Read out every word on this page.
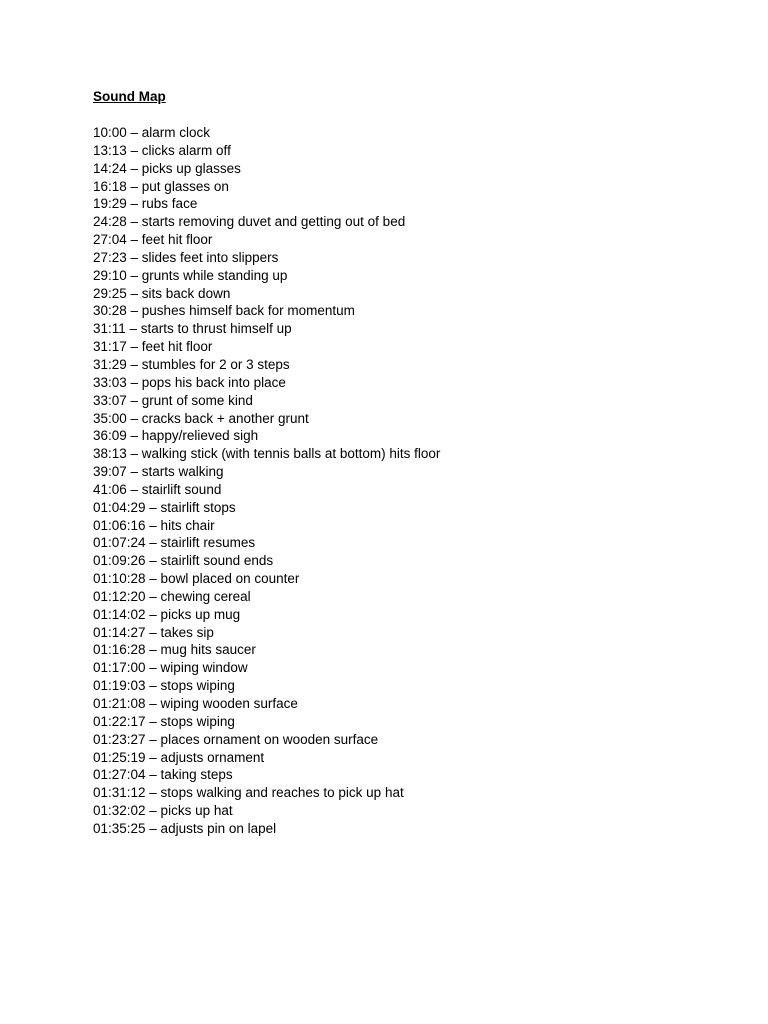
Sound Map
10:00 – alarm clock
13:13 – clicks alarm off
14:24 – picks up glasses
16:18 – put glasses on
19:29 – rubs face
24:28 – starts removing duvet and getting out of bed
27:04 – feet hit floor
27:23 – slides feet into slippers
29:10 – grunts while standing up
29:25 – sits back down
30:28 – pushes himself back for momentum
31:11 – starts to thrust himself up
31:17 – feet hit floor
31:29 – stumbles for 2 or 3 steps
33:03 – pops his back into place
33:07 – grunt of some kind
35:00 – cracks back + another grunt
36:09 – happy/relieved sigh
38:13 – walking stick (with tennis balls at bottom) hits floor
39:07 – starts walking
41:06 – stairlift sound
01:04:29 – stairlift stops
01:06:16 – hits chair
01:07:24 – stairlift resumes
01:09:26 – stairlift sound ends
01:10:28 – bowl placed on counter
01:12:20 – chewing cereal
01:14:02 – picks up mug
01:14:27 – takes sip
01:16:28 – mug hits saucer
01:17:00 – wiping window
01:19:03 – stops wiping
01:21:08 – wiping wooden surface
01:22:17 – stops wiping
01:23:27 – places ornament on wooden surface
01:25:19 – adjusts ornament
01:27:04 – taking steps
01:31:12 – stops walking and reaches to pick up hat
01:32:02 – picks up hat
01:35:25 – adjusts pin on lapel
